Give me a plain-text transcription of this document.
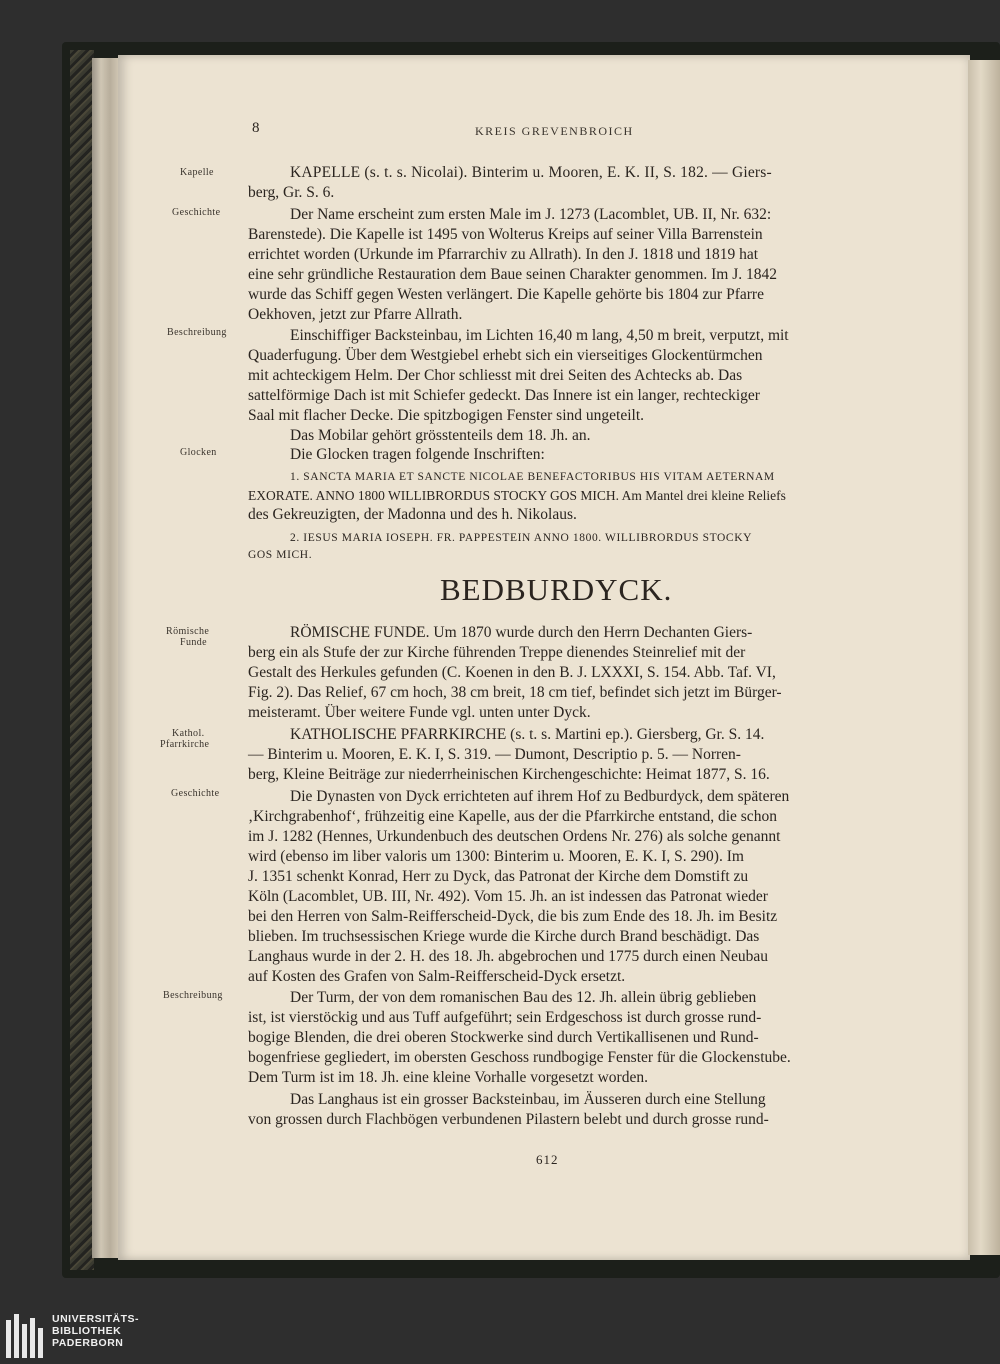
8	KREIS GREVENBROICH
Kapelle
Geschichte
Beschreibung
Glocken
Römische
Funde
Kathol.
Pfarrkirche
Geschichte
Beschreibung
KAPELLE (s. t. s. Nicolai). Binterim u. Mooren, E. K. II, S. 182. — Giers-
berg, Gr. S. 6.
Der Name erscheint zum ersten Male im J. 1273 (Lacomblet, UB. II, Nr. 632:
Barenstede). Die Kapelle ist 1495 von Wolterus Kreips auf seiner Villa Barrenstein
errichtet worden (Urkunde im Pfarrarchiv zu Allrath). In den J. 1818 und 1819 hat
eine sehr gründliche Restauration dem Baue seinen Charakter genommen. Im J. 1842
wurde das Schiff gegen Westen verlängert. Die Kapelle gehörte bis 1804 zur Pfarre
Oekhoven, jetzt zur Pfarre Allrath.
Einschiffiger Backsteinbau, im Lichten 16,40 m lang, 4,50 m breit, verputzt, mit
Quaderfugung. Über dem Westgiebel erhebt sich ein vierseitiges Glockentürmchen
mit achteckigem Helm. Der Chor schliesst mit drei Seiten des Achtecks ab. Das
sattelförmige Dach ist mit Schiefer gedeckt. Das Innere ist ein langer, rechteckiger
Saal mit flacher Decke. Die spitzbogigen Fenster sind ungeteilt.
Das Mobilar gehört grösstenteils dem 18. Jh. an.
Die Glocken tragen folgende Inschriften:
1. SANCTA MARIA ET SANCTE NICOLAE BENEFACTORIBUS HIS VITAM AETERNAM
EXORATE. ANNO 1800 WILLIBRORDUS STOCKY GOS MICH. Am Mantel drei kleine Reliefs
des Gekreuzigten, der Madonna und des h. Nikolaus.
2. IESUS MARIA IOSEPH. FR. PAPPESTEIN ANNO 1800. WILLIBRORDUS STOCKY
GOS MICH.
BEDBURDYCK.
RÖMISCHE FUNDE. Um 1870 wurde durch den Herrn Dechanten Giers-
berg ein als Stufe der zur Kirche führenden Treppe dienendes Steinrelief mit der
Gestalt des Herkules gefunden (C. Koenen in den B. J. LXXXI, S. 154. Abb. Taf. VI,
Fig. 2). Das Relief, 67 cm hoch, 38 cm breit, 18 cm tief, befindet sich jetzt im Bürger-
meisteramt. Über weitere Funde vgl. unten unter Dyck.
KATHOLISCHE PFARRKIRCHE (s. t. s. Martini ep.). Giersberg, Gr. S. 14.
— Binterim u. Mooren, E. K. I, S. 319. — Dumont, Descriptio p. 5. — Norren-
berg, Kleine Beiträge zur niederrheinischen Kirchengeschichte: Heimat 1877, S. 16.
Die Dynasten von Dyck errichteten auf ihrem Hof zu Bedburdyck, dem späteren
‚Kirchgrabenhof‘, frühzeitig eine Kapelle, aus der die Pfarrkirche entstand, die schon
im J. 1282 (Hennes, Urkundenbuch des deutschen Ordens Nr. 276) als solche genannt
wird (ebenso im liber valoris um 1300: Binterim u. Mooren, E. K. I, S. 290). Im
J. 1351 schenkt Konrad, Herr zu Dyck, das Patronat der Kirche dem Domstift zu
Köln (Lacomblet, UB. III, Nr. 492). Vom 15. Jh. an ist indessen das Patronat wieder
bei den Herren von Salm-Reifferscheid-Dyck, die bis zum Ende des 18. Jh. im Besitz
blieben. Im truchsessischen Kriege wurde die Kirche durch Brand beschädigt. Das
Langhaus wurde in der 2. H. des 18. Jh. abgebrochen und 1775 durch einen Neubau
auf Kosten des Grafen von Salm-Reifferscheid-Dyck ersetzt.
Der Turm, der von dem romanischen Bau des 12. Jh. allein übrig geblieben
ist, ist vierstöckig und aus Tuff aufgeführt; sein Erdgeschoss ist durch grosse rund-
bogige Blenden, die drei oberen Stockwerke sind durch Vertikallisenen und Rund-
bogenfriese gegliedert, im obersten Geschoss rundbogige Fenster für die Glockenstube.
Dem Turm ist im 18. Jh. eine kleine Vorhalle vorgesetzt worden.
Das Langhaus ist ein grosser Backsteinbau, im Äusseren durch eine Stellung
von grossen durch Flachbögen verbundenen Pilastern belebt und durch grosse rund-
612
UNIVERSITÄTS-
BIBLIOTHEK
PADERBORN
